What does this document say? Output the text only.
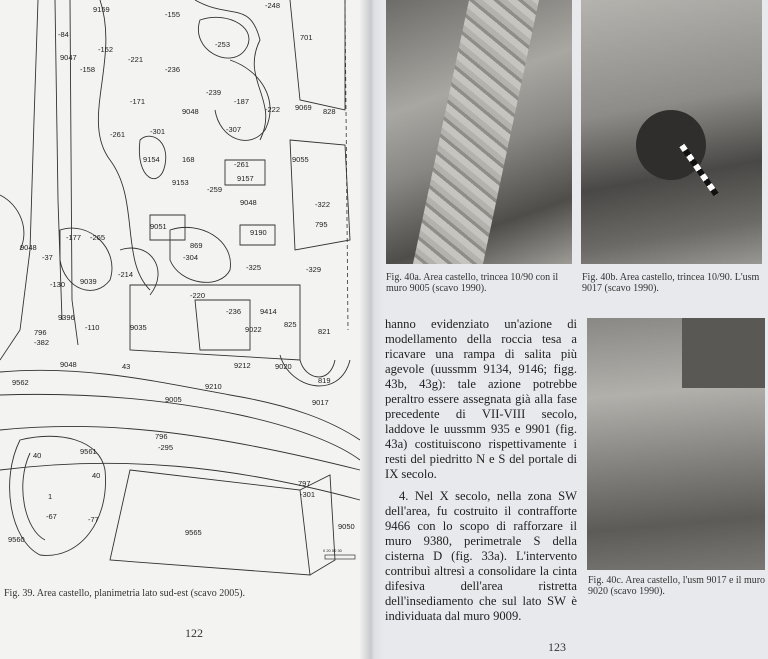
9159
-155
-248
9047
-152
-221
-253
701
-84
-158	-236
-239
-187
-171
9048	-222 9069 828
-307
-261	-301
9154	168
-261
9157
9055
9153
-259
9048	-322
795
9051
9190
869
-304
-177 -265
9048
-37
9039
-214
-325	-329
-130
-220
9396
-110
-236	9414
825
796
-382
9035	9022	821
9048	43	9212	9020
9210
819
9562
9005	9017
796
-295
9561
40
40
1
797
-301
-67	-77
9565
9050
9560
0 20 50 30
Fig. 39. Area castello, planimetria lato sud-est (scavo 2005).
122
Fig. 40a. Area castello, trincea 10/90 con il muro 9005 (scavo 1990).
Fig. 40b. Area castello, trincea 10/90. L'usm 9017 (scavo 1990).

hanno evidenziato un'azione di modellamento della roccia tesa a ricavare una rampa di salita più agevole (uussmm 9134, 9146; figg. 43b, 43g): tale azione potrebbe peraltro essere assegnata già alla fase precedente di VII-VIII secolo, laddove le uussmm 935 e 9901 (fig. 43a) costituiscono rispettivamente i resti del piedritto N e S del portale di IX secolo.

4. Nel X secolo, nella zona SW dell'area, fu costruito il contrafforte 9466 con lo scopo di rafforzare il muro 9380, perimetrale S della cisterna D (fig. 33a). L'intervento contribuì altresì a consolidare la cinta difesiva dell'area ristretta dell'insediamento che sul lato SW è individuata dal muro 9009.

Fig. 40c. Area castello, l'usm 9017 e il muro 9020 (scavo 1990).
123
